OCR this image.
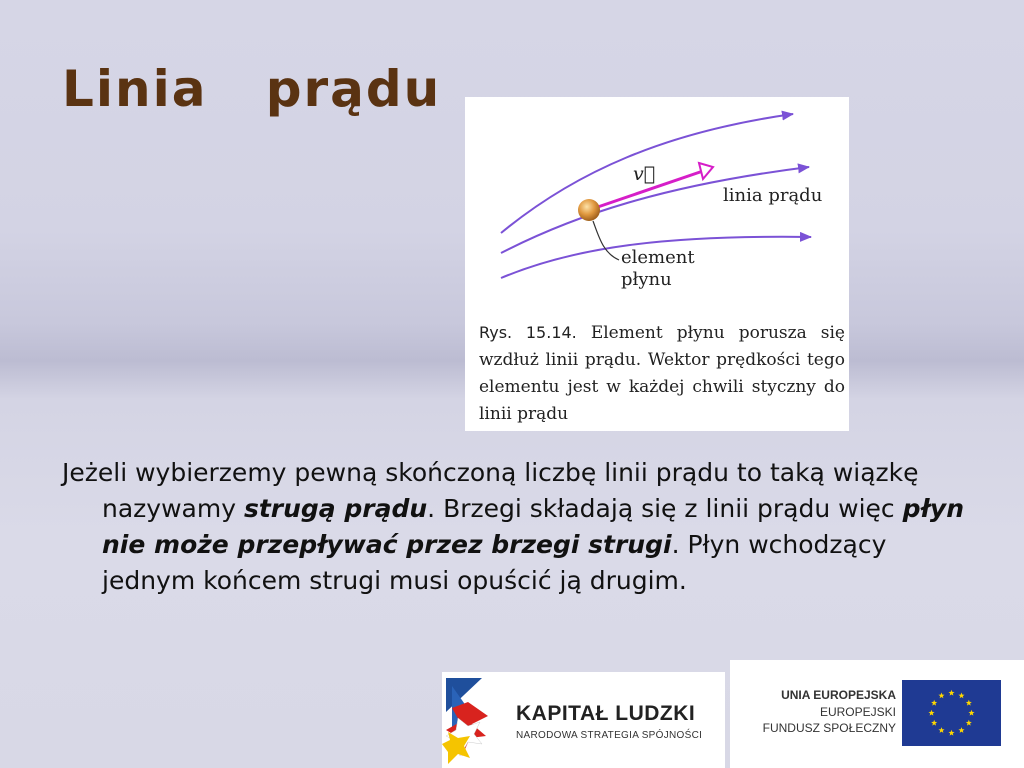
Linia   prądu
v⃗
linia prądu
element
płynu
Rys. 15.14. Element płynu porusza się wzdłuż linii prądu. Wektor prędkości tego elementu jest w każdej chwili styczny do linii prądu

Jeżeli wybierzemy pewną skończoną liczbę linii prądu to taką wiązkę nazywamy strugą prądu. Brzegi składają się z linii prądu więc płyn nie może przepływać przez brzegi strugi. Płyn wchodzący jednym końcem strugi musi opuścić ją drugim.

KAPITAŁ LUDZKI
NARODOWA STRATEGIA SPÓJNOŚCI
UNIA EUROPEJSKA
EUROPEJSKI
FUNDUSZ SPOŁECZNY
